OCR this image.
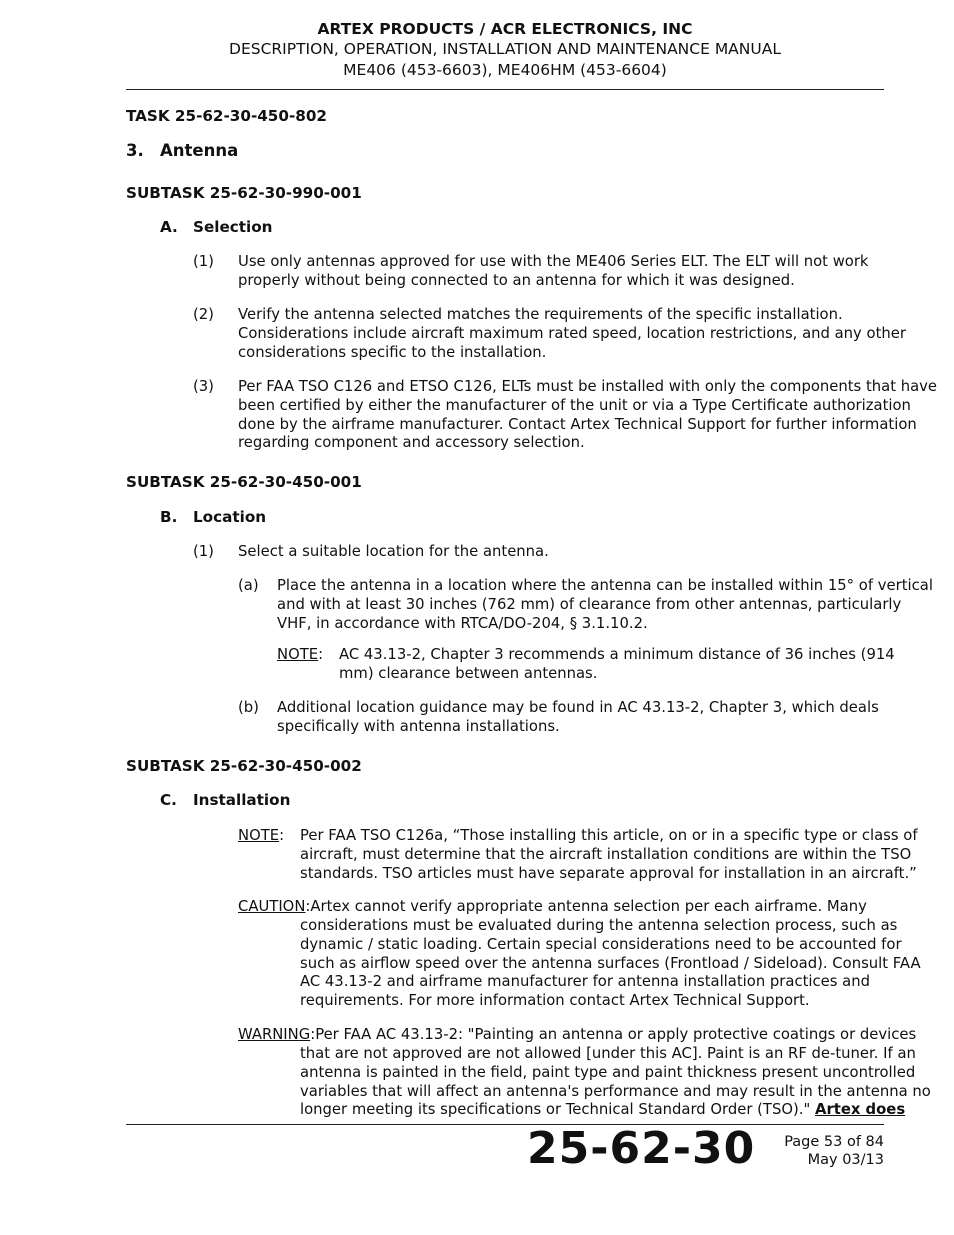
ARTEX PRODUCTS / ACR ELECTRONICS, INC
DESCRIPTION, OPERATION, INSTALLATION AND MAINTENANCE MANUAL
ME406 (453-6603), ME406HM (453-6604)
TASK 25-62-30-450-802
3. Antenna
SUBTASK 25-62-30-990-001
A. Selection
(1) Use only antennas approved for use with the ME406 Series ELT. The ELT will not work
properly without being connected to an antenna for which it was designed.
(2) Verify the antenna selected matches the requirements of the specific installation.
Considerations include aircraft maximum rated speed, location restrictions, and any other
considerations specific to the installation.
(3) Per FAA TSO C126 and ETSO C126, ELTs must be installed with only the components that have
been certified by either the manufacturer of the unit or via a Type Certificate authorization
done by the airframe manufacturer. Contact Artex Technical Support for further information
regarding component and accessory selection.
SUBTASK 25-62-30-450-001
B. Location
(1) Select a suitable location for the antenna.
(a) Place the antenna in a location where the antenna can be installed within 15° of vertical
and with at least 30 inches (762 mm) of clearance from other antennas, particularly
VHF, in accordance with RTCA/DO-204, § 3.1.10.2.
NOTE: AC 43.13-2, Chapter 3 recommends a minimum distance of 36 inches (914
mm) clearance between antennas.
(b) Additional location guidance may be found in AC 43.13-2, Chapter 3, which deals
specifically with antenna installations.
SUBTASK 25-62-30-450-002
C. Installation
NOTE: Per FAA TSO C126a, “Those installing this article, on or in a specific type or class of
aircraft, must determine that the aircraft installation conditions are within the TSO
standards. TSO articles must have separate approval for installation in an aircraft.”
CAUTION:Artex cannot verify appropriate antenna selection per each airframe. Many
considerations must be evaluated during the antenna selection process, such as
dynamic / static loading. Certain special considerations need to be accounted for
such as airflow speed over the antenna surfaces (Frontload / Sideload). Consult FAA
AC 43.13-2 and airframe manufacturer for antenna installation practices and
requirements. For more information contact Artex Technical Support.
WARNING:Per FAA AC 43.13-2: "Painting an antenna or apply protective coatings or devices
that are not approved are not allowed [under this AC]. Paint is an RF de-tuner. If an
antenna is painted in the field, paint type and paint thickness present uncontrolled
variables that will affect an antenna's performance and may result in the antenna no
longer meeting its specifications or Technical Standard Order (TSO)." Artex does
25-62-30	Page 53 of 84
May 03/13
